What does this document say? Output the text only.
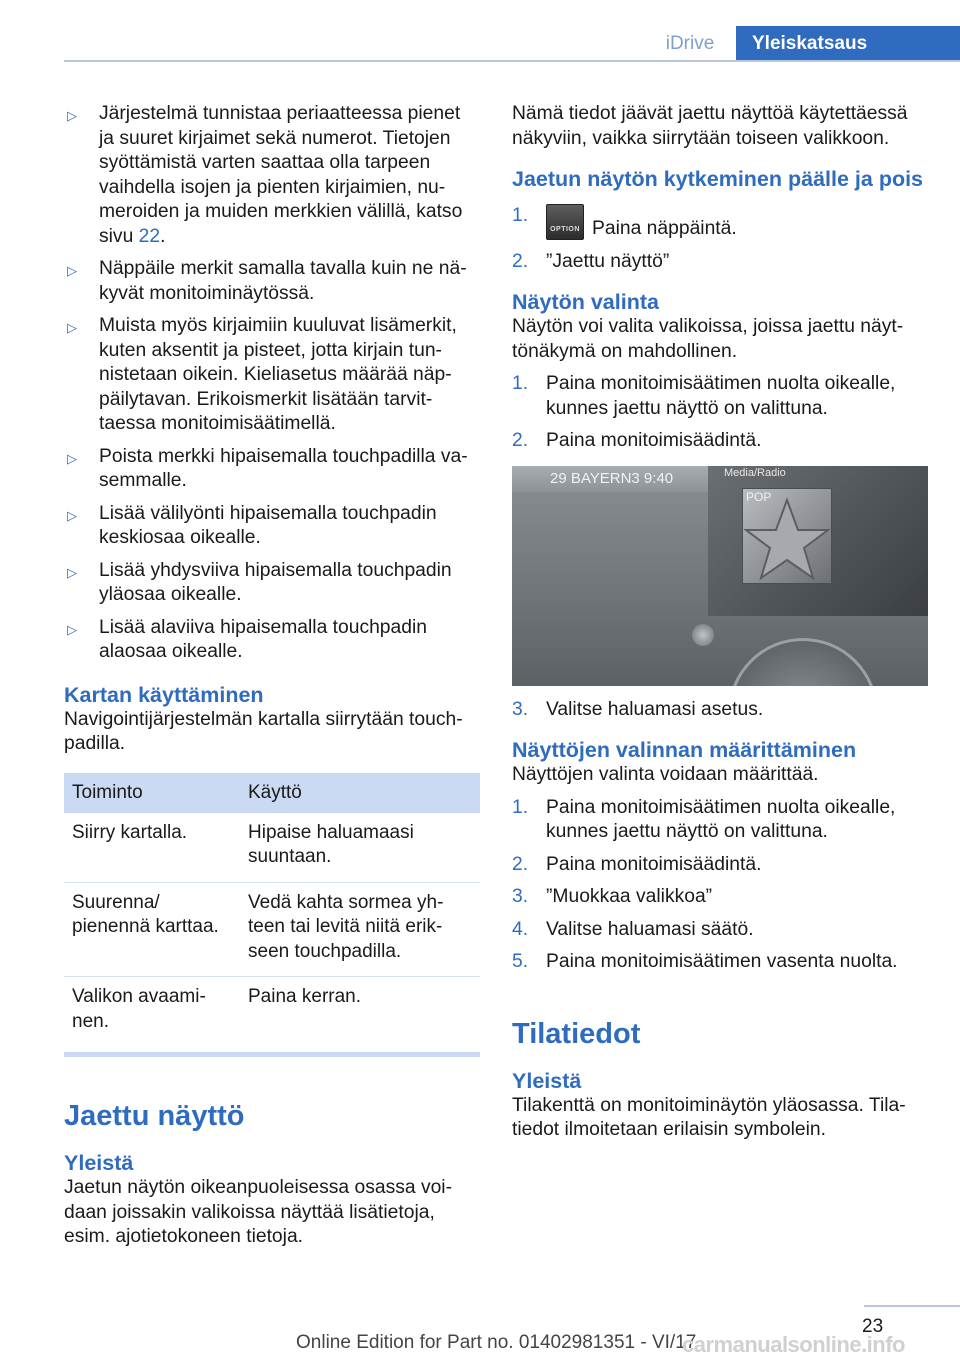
iDrive	Yleiskatsaus
▷ Järjestelmä tunnistaa periaatteessa pienet ja suuret kirjaimet sekä numerot. Tietojen syöttämistä varten saattaa olla tarpeen vaihdella isojen ja pienten kirjaimien, numeroiden ja muiden merkkien välillä, katso sivu 22.
▷ Näppäile merkit samalla tavalla kuin ne näkyvät monitoiminäytössä.
▷ Muista myös kirjaimiin kuuluvat lisämerkit, kuten aksentit ja pisteet, jotta kirjain tunnistetaan oikein. Kieliasetus määrää näppäilytavan. Erikoismerkit lisätään tarvittaessa monitoimisäätimellä.
▷ Poista merkki hipaisemalla touchpadilla vasemmalle.
▷ Lisää välilyönti hipaisemalla touchpadin keskiosaa oikealle.
▷ Lisää yhdysviiva hipaisemalla touchpadin yläosaa oikealle.
▷ Lisää alaviiva hipaisemalla touchpadin alaosaa oikealle.
Kartan käyttäminen

Navigointijärjestelmän kartalla siirrytään touchpadilla.

Toiminto	Käyttö
Siirry kartalla.	Hipaise haluamaasi suuntaan.
Suurenna/ pienennä karttaa.	Vedä kahta sormea yhteen tai levitä niitä erikseen touchpadilla.
Valikon avaaminen.	Paina kerran.
Jaettu näyttö
Yleistä

Jaetun näytön oikeanpuoleisessa osassa voidaan joissakin valikoissa näyttää lisätietoja, esim. ajotietokoneen tietoja.

Nämä tiedot jäävät jaettu näyttöä käytettäessä näkyviin, vaikka siirrytään toiseen valikkoon.

Jaetun näytön kytkeminen päälle ja pois
1.
OPTION Paina näppäintä.
2. ”Jaettu näyttö”
Näytön valinta

Näytön voi valita valikoissa, joissa jaettu näyttönäkymä on mahdollinen.

1. Paina monitoimisäätimen nuolta oikealle, kunnes jaettu näyttö on valittuna.
2. Paina monitoimisäädintä.
29 BAYERN3 9:40	Media/Radio
POP
3. Valitse haluamasi asetus.
Näyttöjen valinnan määrittäminen

Näyttöjen valinta voidaan määrittää.

1. Paina monitoimisäätimen nuolta oikealle, kunnes jaettu näyttö on valittuna.
2. Paina monitoimisäädintä.
3. ”Muokkaa valikkoa”
4. Valitse haluamasi säätö.
5. Paina monitoimisäätimen vasenta nuolta.
Tilatiedot
Yleistä

Tilakenttä on monitoiminäytön yläosassa. Tilatiedot ilmoitetaan erilaisin symbolein.

23
Online Edition for Part no. 01402981351 - VI/17
carmanualsonline.info
